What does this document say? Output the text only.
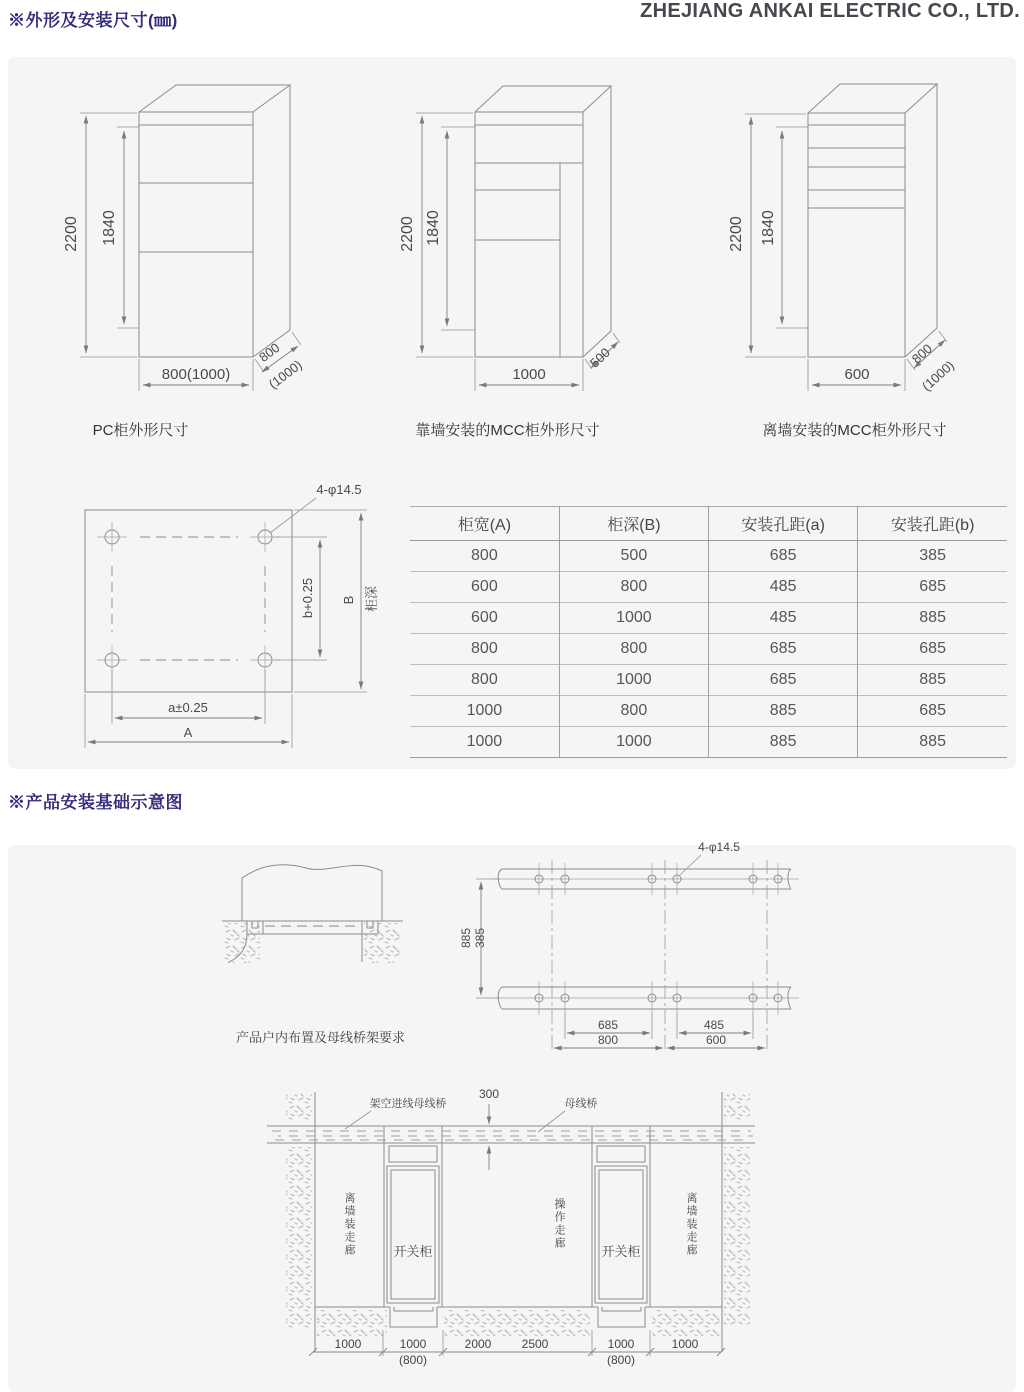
※外形及安装尺寸(㎜)	ZHEJIANG ANKAI ELECTRIC CO., LTD.
※产品安装基础示意图
2200 1840
800(1000)
800
(1000)
2200 1840
1000
500
2200 1840
600
800
(1000)
4-φ14.5
b+0.25 B 柜深
a±0.25
A
885 385
4-φ14.5
685	485
800	600
PC柜外形尺寸	靠墙安装的MCC柜外形尺寸	离墙安装的MCC柜外形尺寸
产品户内布置及母线桥架要求
柜宽(A)	柜深(B)	安装孔距(a)	安装孔距(b)
800	500	685	385
600	800	485	685
600	1000	485	885
800	800	685	685
800	1000	685	885
1000	800	885	685
1000	1000	885	885
架空进线母线桥
300
母线桥
离墙装走廊	操作走廊	离墙装走廊
开关柜	开关柜
1000	1000	2000	2500	1000	1000
(800)	(800)
